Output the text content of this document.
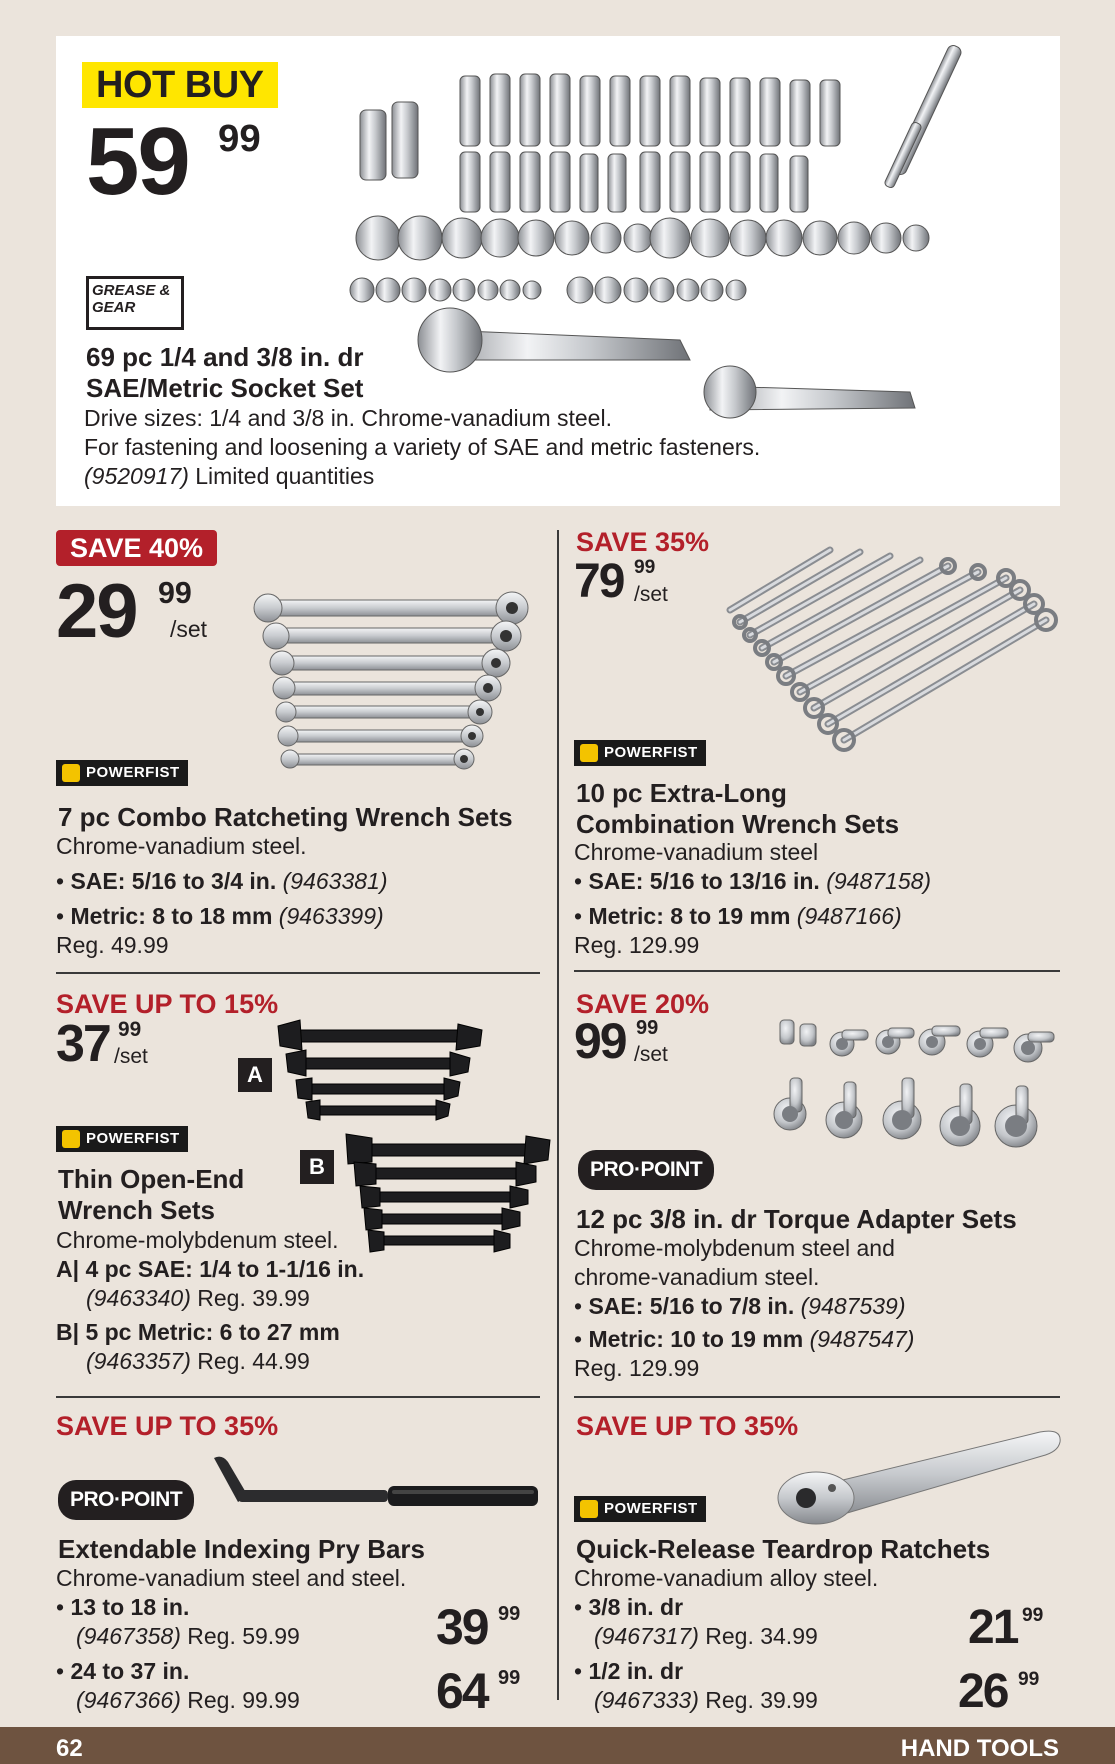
HOT BUY
59 99
GREASE & GEAR
69 pc 1/4 and 3/8 in. dr
SAE/Metric Socket Set
Drive sizes: 1/4 and 3/8 in. Chrome-vanadium steel.
For fastening and loosening a variety of SAE and metric fasteners.
(9520917) Limited quantities
SAVE 40%
29 99
/set
POWERFIST
7 pc Combo Ratcheting Wrench Sets
Chrome-vanadium steel.
• SAE: 5/16 to 3/4 in. (9463381)
• Metric: 8 to 18 mm (9463399)
Reg. 49.99
SAVE 35%
79 99
/set
POWERFIST
10 pc Extra-Long
Combination Wrench Sets
Chrome-vanadium steel
• SAE: 5/16 to 13/16 in. (9487158)
• Metric: 8 to 19 mm (9487166)
Reg. 129.99
SAVE UP TO 15%
37 99
/set
A
B
POWERFIST
Thin Open-End
Wrench Sets
Chrome-molybdenum steel.
A| 4 pc SAE: 1/4 to 1-1/16 in.
(9463340) Reg. 39.99
B| 5 pc Metric: 6 to 27 mm
(9463357) Reg. 44.99
SAVE 20%
99 99
/set
PRO·POINT
12 pc 3/8 in. dr Torque Adapter Sets
Chrome-molybdenum steel and
chrome-vanadium steel.
• SAE: 5/16 to 7/8 in. (9487539)
• Metric: 10 to 19 mm (9487547)
Reg. 129.99
SAVE UP TO 35%
PRO·POINT
Extendable Indexing Pry Bars
Chrome-vanadium steel and steel.
• 13 to 18 in.
(9467358) Reg. 59.99
• 24 to 37 in.
(9467366) Reg. 99.99
39 99
64 99
SAVE UP TO 35%
POWERFIST
Quick-Release Teardrop Ratchets
Chrome-vanadium alloy steel.
• 3/8 in. dr
(9467317) Reg. 34.99
• 1/2 in. dr
(9467333) Reg. 39.99
21 99
26 99
62	HAND TOOLS
